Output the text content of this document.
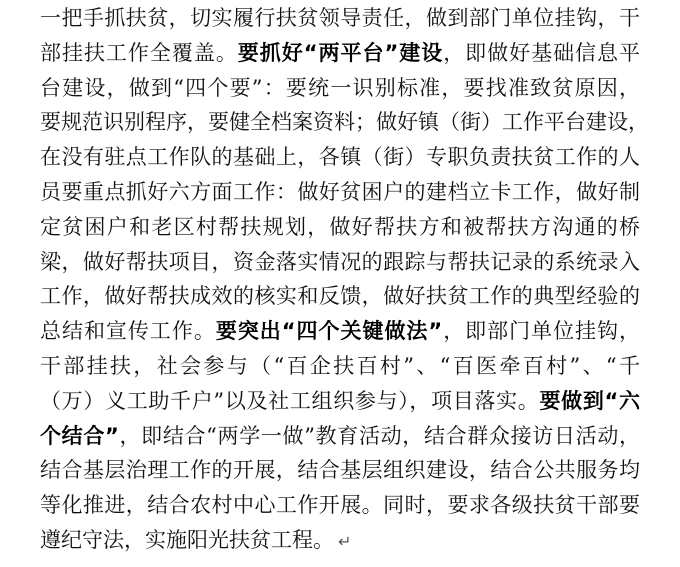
一把手抓扶贫，切实履行扶贫领导责任，做到部门单位挂钩，干
部挂扶工作全覆盖。要抓好“两平台”建设，即做好基础信息平
台建设，做到“四个要”：要统一识别标准，要找准致贫原因，
要规范识别程序，要健全档案资料；做好镇（街）工作平台建设，
在没有驻点工作队的基础上，各镇（街）专职负责扶贫工作的人
员要重点抓好六方面工作：做好贫困户的建档立卡工作，做好制
定贫困户和老区村帮扶规划，做好帮扶方和被帮扶方沟通的桥
梁，做好帮扶项目，资金落实情况的跟踪与帮扶记录的系统录入
工作，做好帮扶成效的核实和反馈，做好扶贫工作的典型经验的
总结和宣传工作。要突出“四个关键做法”，即部门单位挂钩，
干部挂扶，社会参与（“百企扶百村”、“百医牵百村”、“千
（万）义工助千户”以及社工组织参与），项目落实。要做到“六
个结合”，即结合“两学一做”教育活动，结合群众接访日活动，
结合基层治理工作的开展，结合基层组织建设，结合公共服务均
等化推进，结合农村中心工作开展。同时，要求各级扶贫干部要
遵纪守法，实施阳光扶贫工程。 ↵
